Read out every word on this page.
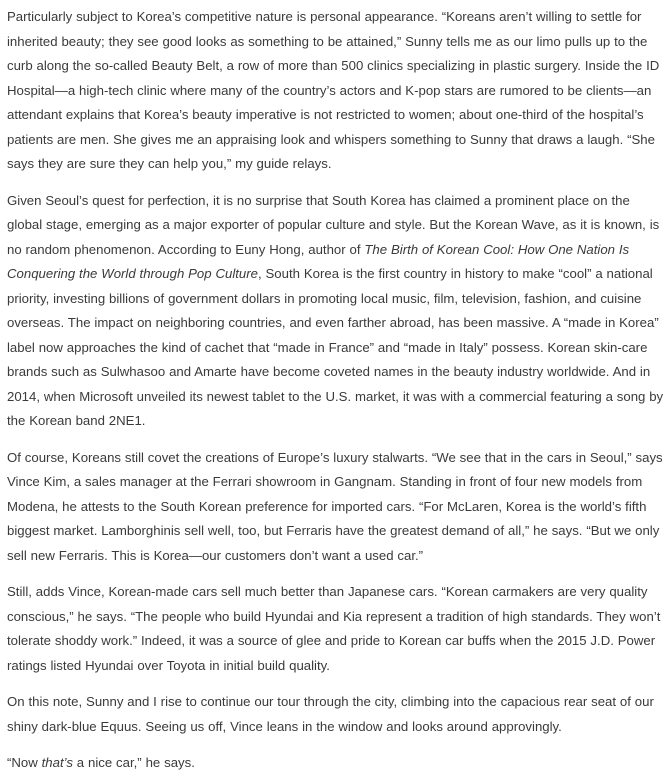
Particularly subject to Korea’s competitive nature is personal appearance. “Koreans aren’t willing to settle for inherited beauty; they see good looks as something to be attained,” Sunny tells me as our limo pulls up to the curb along the so-called Beauty Belt, a row of more than 500 clinics specializing in plastic surgery. Inside the ID Hospital—a high-tech clinic where many of the country’s actors and K-pop stars are rumored to be clients—an attendant explains that Korea’s beauty imperative is not restricted to women; about one-third of the hospital’s patients are men. She gives me an appraising look and whispers something to Sunny that draws a laugh. “She says they are sure they can help you,” my guide relays.

Given Seoul’s quest for perfection, it is no surprise that South Korea has claimed a prominent place on the global stage, emerging as a major exporter of popular culture and style. But the Korean Wave, as it is known, is no random phenomenon. According to Euny Hong, author of The Birth of Korean Cool: How One Nation Is Conquering the World through Pop Culture, South Korea is the first country in history to make “cool” a national priority, investing billions of government dollars in promoting local music, film, television, fashion, and cuisine overseas. The impact on neighboring countries, and even farther abroad, has been massive. A “made in Korea” label now approaches the kind of cachet that “made in France” and “made in Italy” possess. Korean skin-care brands such as Sulwhasoo and Amarte have become coveted names in the beauty industry worldwide. And in 2014, when Microsoft unveiled its newest tablet to the U.S. market, it was with a commercial featuring a song by the Korean band 2NE1.

Of course, Koreans still covet the creations of Europe’s luxury stalwarts. “We see that in the cars in Seoul,” says Vince Kim, a sales manager at the Ferrari showroom in Gangnam. Standing in front of four new models from Modena, he attests to the South Korean preference for imported cars. “For McLaren, Korea is the world’s fifth biggest market. Lamborghinis sell well, too, but Ferraris have the greatest demand of all,” he says. “But we only sell new Ferraris. This is Korea—our customers don’t want a used car.”

Still, adds Vince, Korean-made cars sell much better than Japanese cars. “Korean carmakers are very quality conscious,” he says. “The people who build Hyundai and Kia represent a tradition of high standards. They won’t tolerate shoddy work.” Indeed, it was a source of glee and pride to Korean car buffs when the 2015 J.D. Power ratings listed Hyundai over Toyota in initial build quality.

On this note, Sunny and I rise to continue our tour through the city, climbing into the capacious rear seat of our shiny dark-blue Equus. Seeing us off, Vince leans in the window and looks around approvingly.

“Now that’s a nice car,” he says.
